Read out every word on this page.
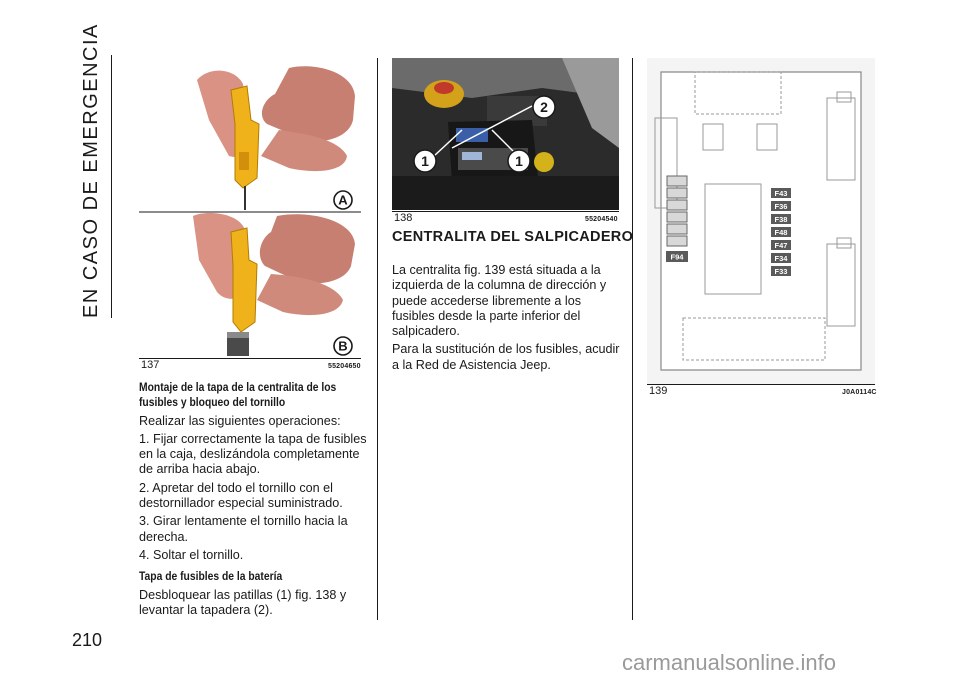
EN CASO DE EMERGENCIA
210
A
B
137	55204650

Montaje de la tapa de la centralita de los fusibles y bloqueo del tornillo

Realizar las siguientes operaciones:

1. Fijar correctamente la tapa de fusibles en la caja, deslizándola completamente de arriba hacia abajo.

2. Apretar del todo el tornillo con el destornillador especial suministrado.

3. Girar lentamente el tornillo hacia la derecha.

4. Soltar el tornillo.

Tapa de fusibles de la batería

Desbloquear las patillas (1) fig. 138 y levantar la tapadera (2).

2
1	1
138	55204540
CENTRALITA DEL SALPICADERO

La centralita fig. 139 está situada a la izquierda de la columna de dirección y puede accederse libremente a los fusibles desde la parte inferior del salpicadero.

Para la sustitución de los fusibles, acudir a la Red de Asistencia Jeep.

F43
F36
F38
F48
F47
F34
F33
F94
139	J0A0114C
carmanualsonline.info
